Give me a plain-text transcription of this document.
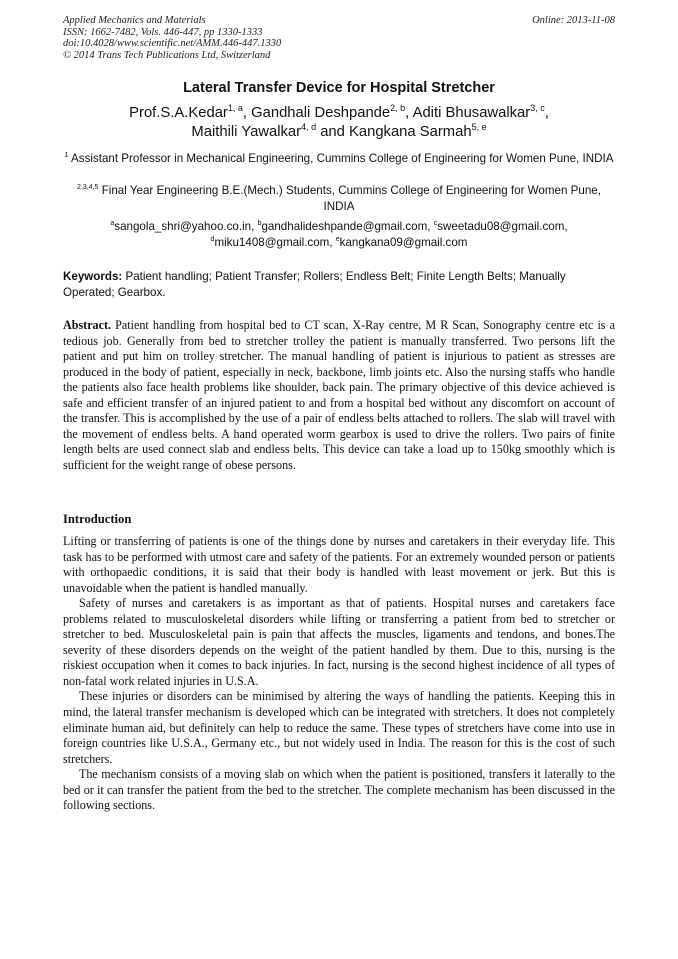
Applied Mechanics and Materials
ISSN: 1662-7482, Vols. 446-447, pp 1330-1333
doi:10.4028/www.scientific.net/AMM.446-447.1330
© 2014 Trans Tech Publications Ltd, Switzerland
Online: 2013-11-08
Lateral Transfer Device for Hospital Stretcher
Prof.S.A.Kedar$^{1, a}$, Gandhali Deshpande$^{2, b}$, Aditi Bhusawalkar$^{3, c}$,
Maithili Yawalkar$^{4, d}$ and Kangkana Sarmah$^{5, e}$
$^1$ Assistant Professor in Mechanical Engineering, Cummins College of Engineering for Women Pune, INDIA
$^{2,3,4,5}$ Final Year Engineering B.E.(Mech.) Students, Cummins College of Engineering for Women Pune, INDIA
$^a$sangola_shri@yahoo.co.in, $^b$gandhalideshpande@gmail.com, $^c$sweetadu08@gmail.com,
$^d$miku1408@gmail.com, $^e$kangkana09@gmail.com
Keywords: Patient handling; Patient Transfer; Rollers; Endless Belt; Finite Length Belts; Manually Operated; Gearbox.
Abstract. Patient handling from hospital bed to CT scan, X-Ray centre, M R Scan, Sonography centre etc is a tedious job. Generally from bed to stretcher trolley the patient is manually transferred. Two persons lift the patient and put him on trolley stretcher. The manual handling of patient is injurious to patient as stresses are produced in the body of patient, especially in neck, backbone, limb joints etc. Also the nursing staffs who handle the patients also face health problems like shoulder, back pain. The primary objective of this device achieved is safe and efficient transfer of an injured patient to and from a hospital bed without any discomfort on account of the transfer. This is accomplished by the use of a pair of endless belts attached to rollers. The slab will travel with the movement of endless belts. A hand operated worm gearbox is used to drive the rollers. Two pairs of finite length belts are used connect slab and endless belts. This device can take a load up to 150kg smoothly which is sufficient for the weight range of obese persons.
Introduction

Lifting or transferring of patients is one of the things done by nurses and caretakers in their everyday life. This task has to be performed with utmost care and safety of the patients. For an extremely wounded person or patients with orthopaedic conditions, it is said that their body is handled with least movement or jerk. But this is unavoidable when the patient is handled manually.

Safety of nurses and caretakers is as important as that of patients. Hospital nurses and caretakers face problems related to musculoskeletal disorders while lifting or transferring a patient from bed to stretcher or stretcher to bed. Musculoskeletal pain is pain that affects the muscles, ligaments and tendons, and bones.The severity of these disorders depends on the weight of the patient handled by them. Due to this, nursing is the riskiest occupation when it comes to back injuries. In fact, nursing is the second highest incidence of all types of non-fatal work related injuries in U.S.A.

These injuries or disorders can be minimised by altering the ways of handling the patients. Keeping this in mind, the lateral transfer mechanism is developed which can be integrated with stretchers. It does not completely eliminate human aid, but definitely can help to reduce the same. These types of stretchers have come into use in foreign countries like U.S.A., Germany etc., but not widely used in India. The reason for this is the cost of such stretchers.

The mechanism consists of a moving slab on which when the patient is positioned, transfers it laterally to the bed or it can transfer the patient from the bed to the stretcher. The complete mechanism has been discussed in the following sections.
